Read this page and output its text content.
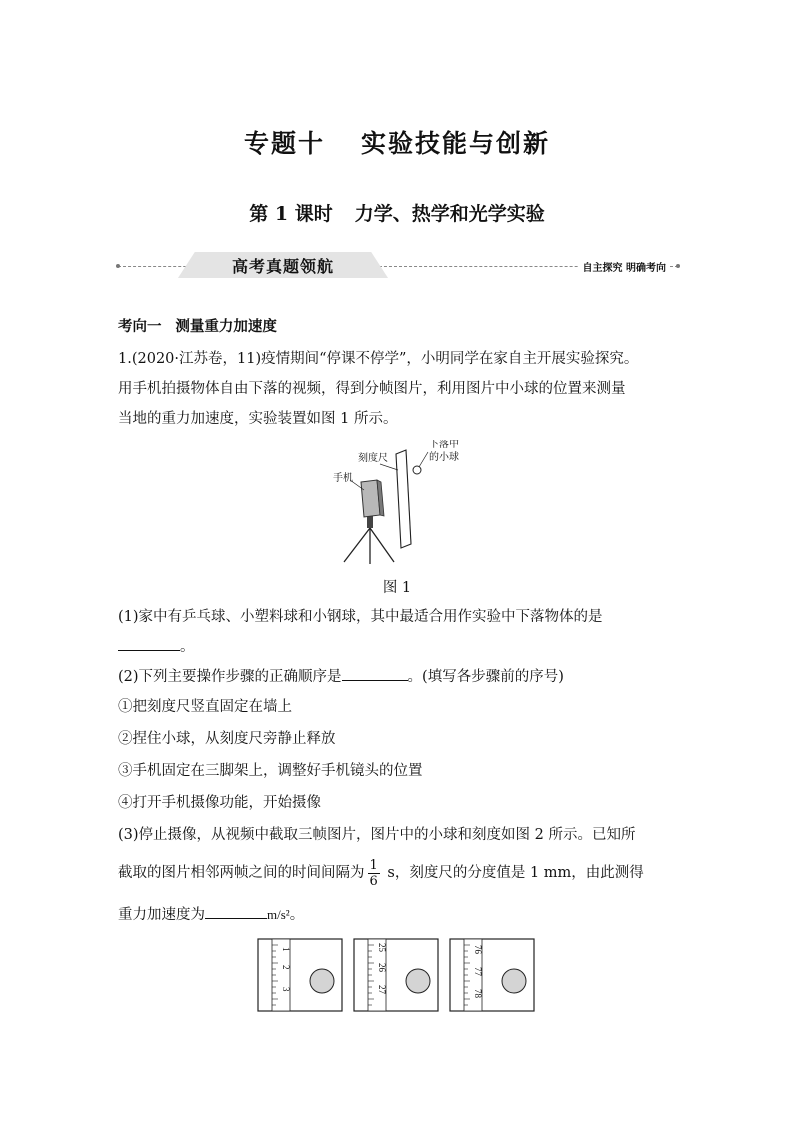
专题十 实验技能与创新
第 1 课时 力学、热学和光学实验
高考真题领航	自主探究 明确考向
考向一 测量重力加速度
1.(2020·江苏卷，11)疫情期间“停课不停学”，小明同学在家自主开展实验探究。
用手机拍摄物体自由下落的视频，得到分帧图片，利用图片中小球的位置来测量
当地的重力加速度，实验装置如图 1 所示。
刻度尺
手机
下落中
的小球
图 1
(1)家中有乒乓球、小塑料球和小钢球，其中最适合用作实验中下落物体的是
。
(2)下列主要操作步骤的正确顺序是	。(填写各步骤前的序号)
①把刻度尺竖直固定在墙上
②捏住小球，从刻度尺旁静止释放
③手机固定在三脚架上，调整好手机镜头的位置
④打开手机摄像功能，开始摄像
(3)停止摄像，从视频中截取三帧图片，图片中的小球和刻度如图 2 所示。已知所
截取的图片相邻两帧之间的时间间隔为 $\frac{1}{6}$ s，刻度尺的分度值是 1 mm，由此测得
重力加速度为	m/s²。
1
2
3
25
26
27
76
77
78
